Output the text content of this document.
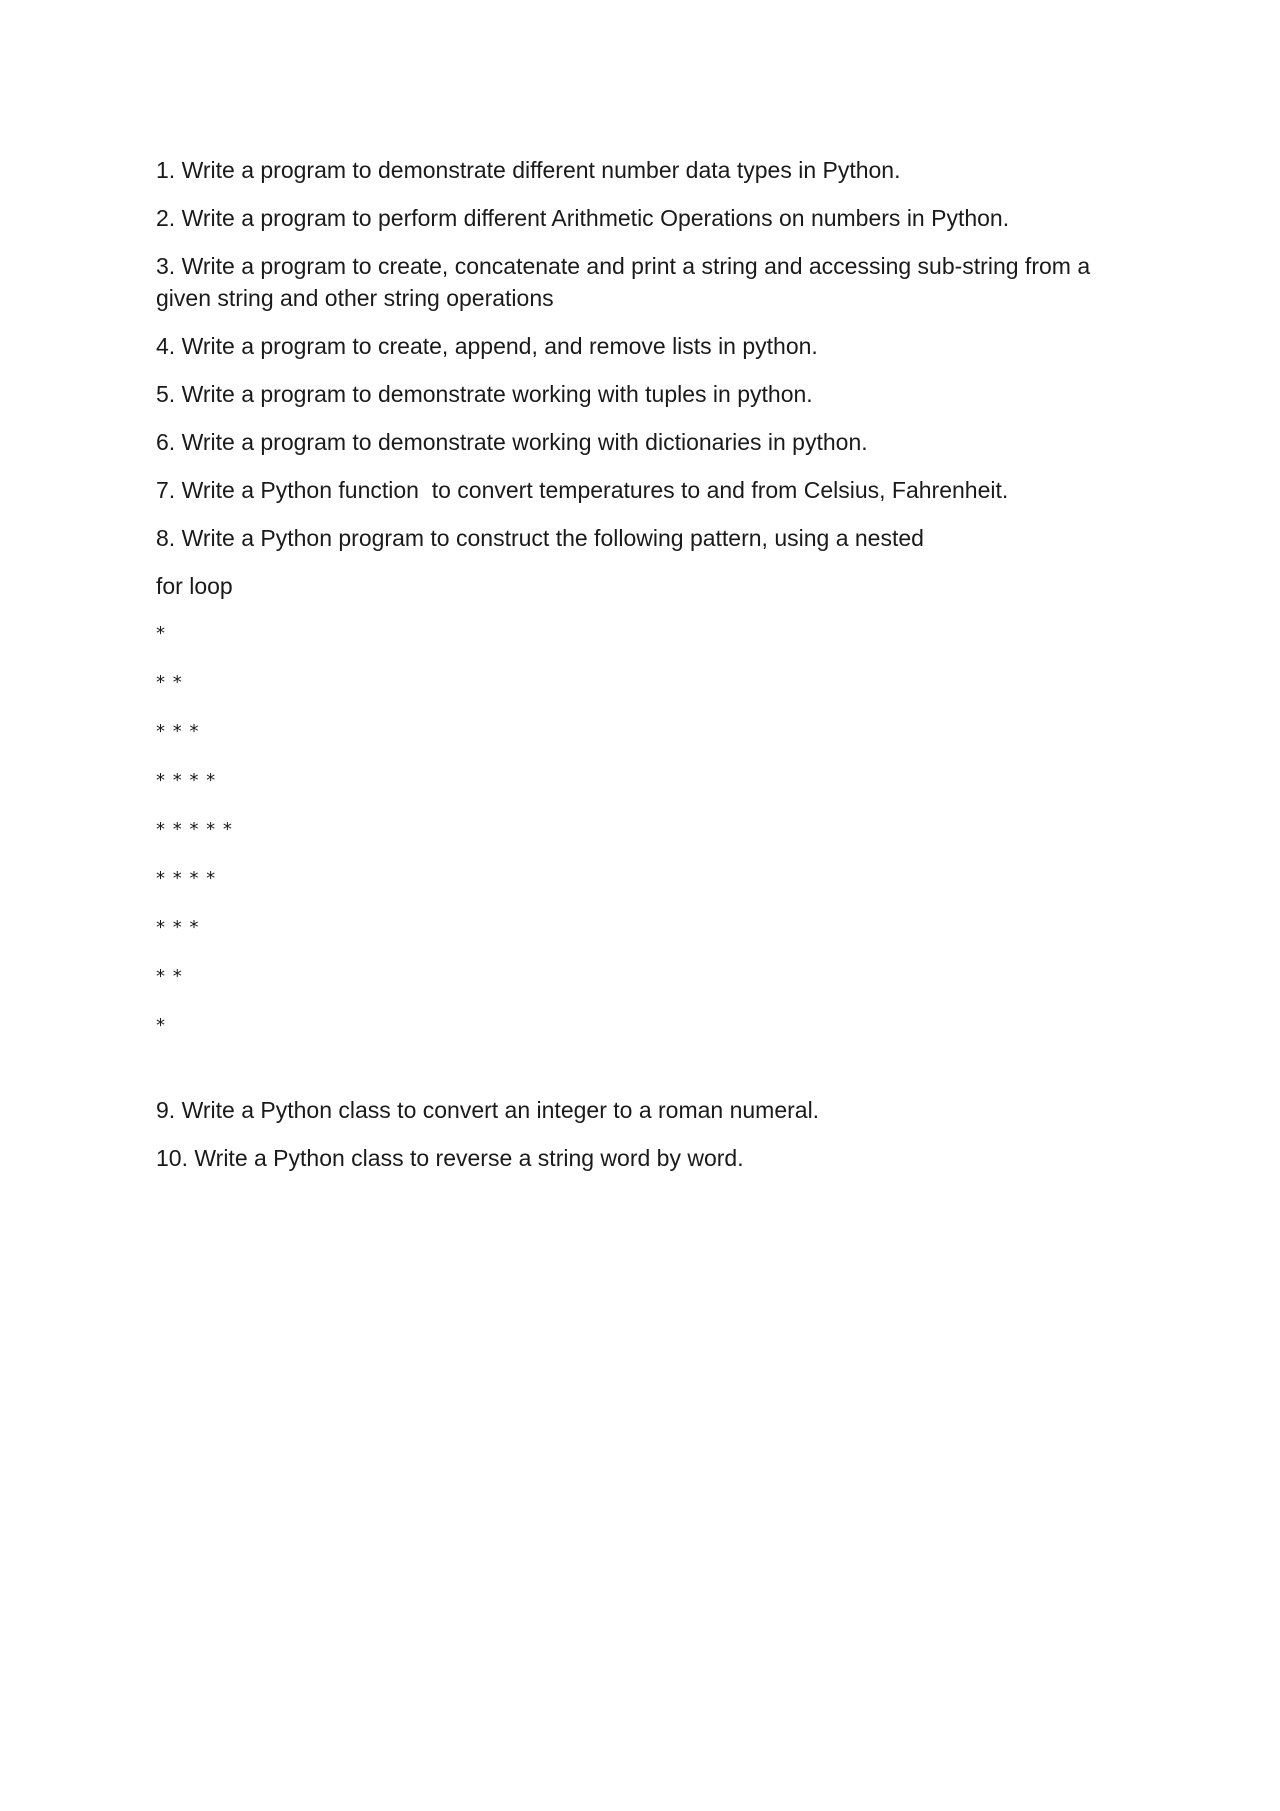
1. Write a program to demonstrate different number data types in Python.

2. Write a program to perform different Arithmetic Operations on numbers in Python.

3. Write a program to create, concatenate and print a string and accessing sub-string from a given string and other string operations

4. Write a program to create, append, and remove lists in python.

5. Write a program to demonstrate working with tuples in python.

6. Write a program to demonstrate working with dictionaries in python.

7. Write a Python function  to convert temperatures to and from Celsius, Fahrenheit.

8. Write a Python program to construct the following pattern, using a nested

for loop

*
* *
* * *
* * * *
* * * * *
* * * *
* * *
* *
*

9. Write a Python class to convert an integer to a roman numeral.

10. Write a Python class to reverse a string word by word.
